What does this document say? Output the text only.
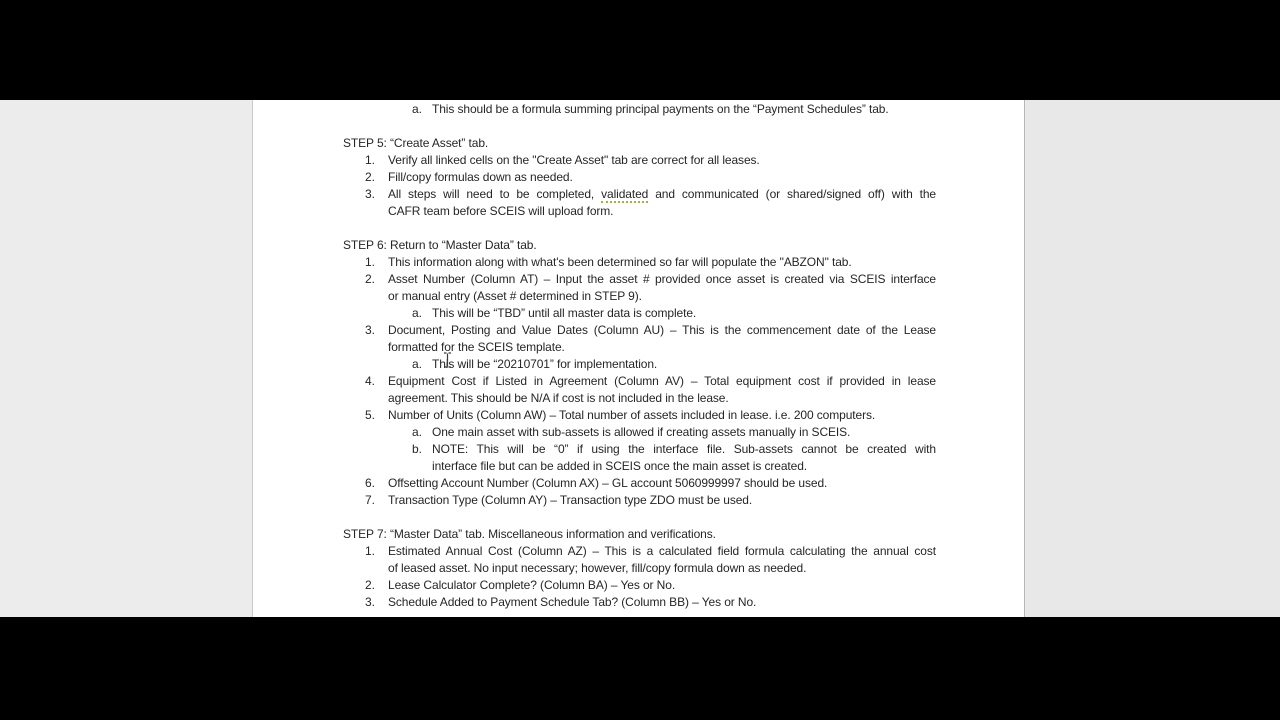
a. This should be a formula summing principal payments on the “Payment Schedules” tab.
STEP 5: “Create Asset” tab.
1. Verify all linked cells on the "Create Asset" tab are correct for all leases.
2. Fill/copy formulas down as needed.
3. All steps will need to be completed, validated and communicated (or shared/signed off) with the
CAFR team before SCEIS will upload form.
STEP 6: Return to “Master Data” tab.
1. This information along with what's been determined so far will populate the "ABZON" tab.
2. Asset Number (Column AT) – Input the asset # provided once asset is created via SCEIS interface
or manual entry (Asset # determined in STEP 9).
a. This will be “TBD” until all master data is complete.
3. Document, Posting and Value Dates (Column AU) – This is the commencement date of the Lease
formatted for the SCEIS template.
a. This will be “20210701” for implementation.
4. Equipment Cost if Listed in Agreement (Column AV) – Total equipment cost if provided in lease
agreement. This should be N/A if cost is not included in the lease.
5. Number of Units (Column AW) – Total number of assets included in lease. i.e. 200 computers.
a. One main asset with sub-assets is allowed if creating assets manually in SCEIS.
b. NOTE: This will be “0” if using the interface file. Sub-assets cannot be created with
interface file but can be added in SCEIS once the main asset is created.
6. Offsetting Account Number (Column AX) – GL account 5060999997 should be used.
7. Transaction Type (Column AY) – Transaction type ZDO must be used.
STEP 7: “Master Data” tab. Miscellaneous information and verifications.
1. Estimated Annual Cost (Column AZ) – This is a calculated field formula calculating the annual cost
of leased asset. No input necessary; however, fill/copy formula down as needed.
2. Lease Calculator Complete? (Column BA) – Yes or No.
3. Schedule Added to Payment Schedule Tab? (Column BB) – Yes or No.
